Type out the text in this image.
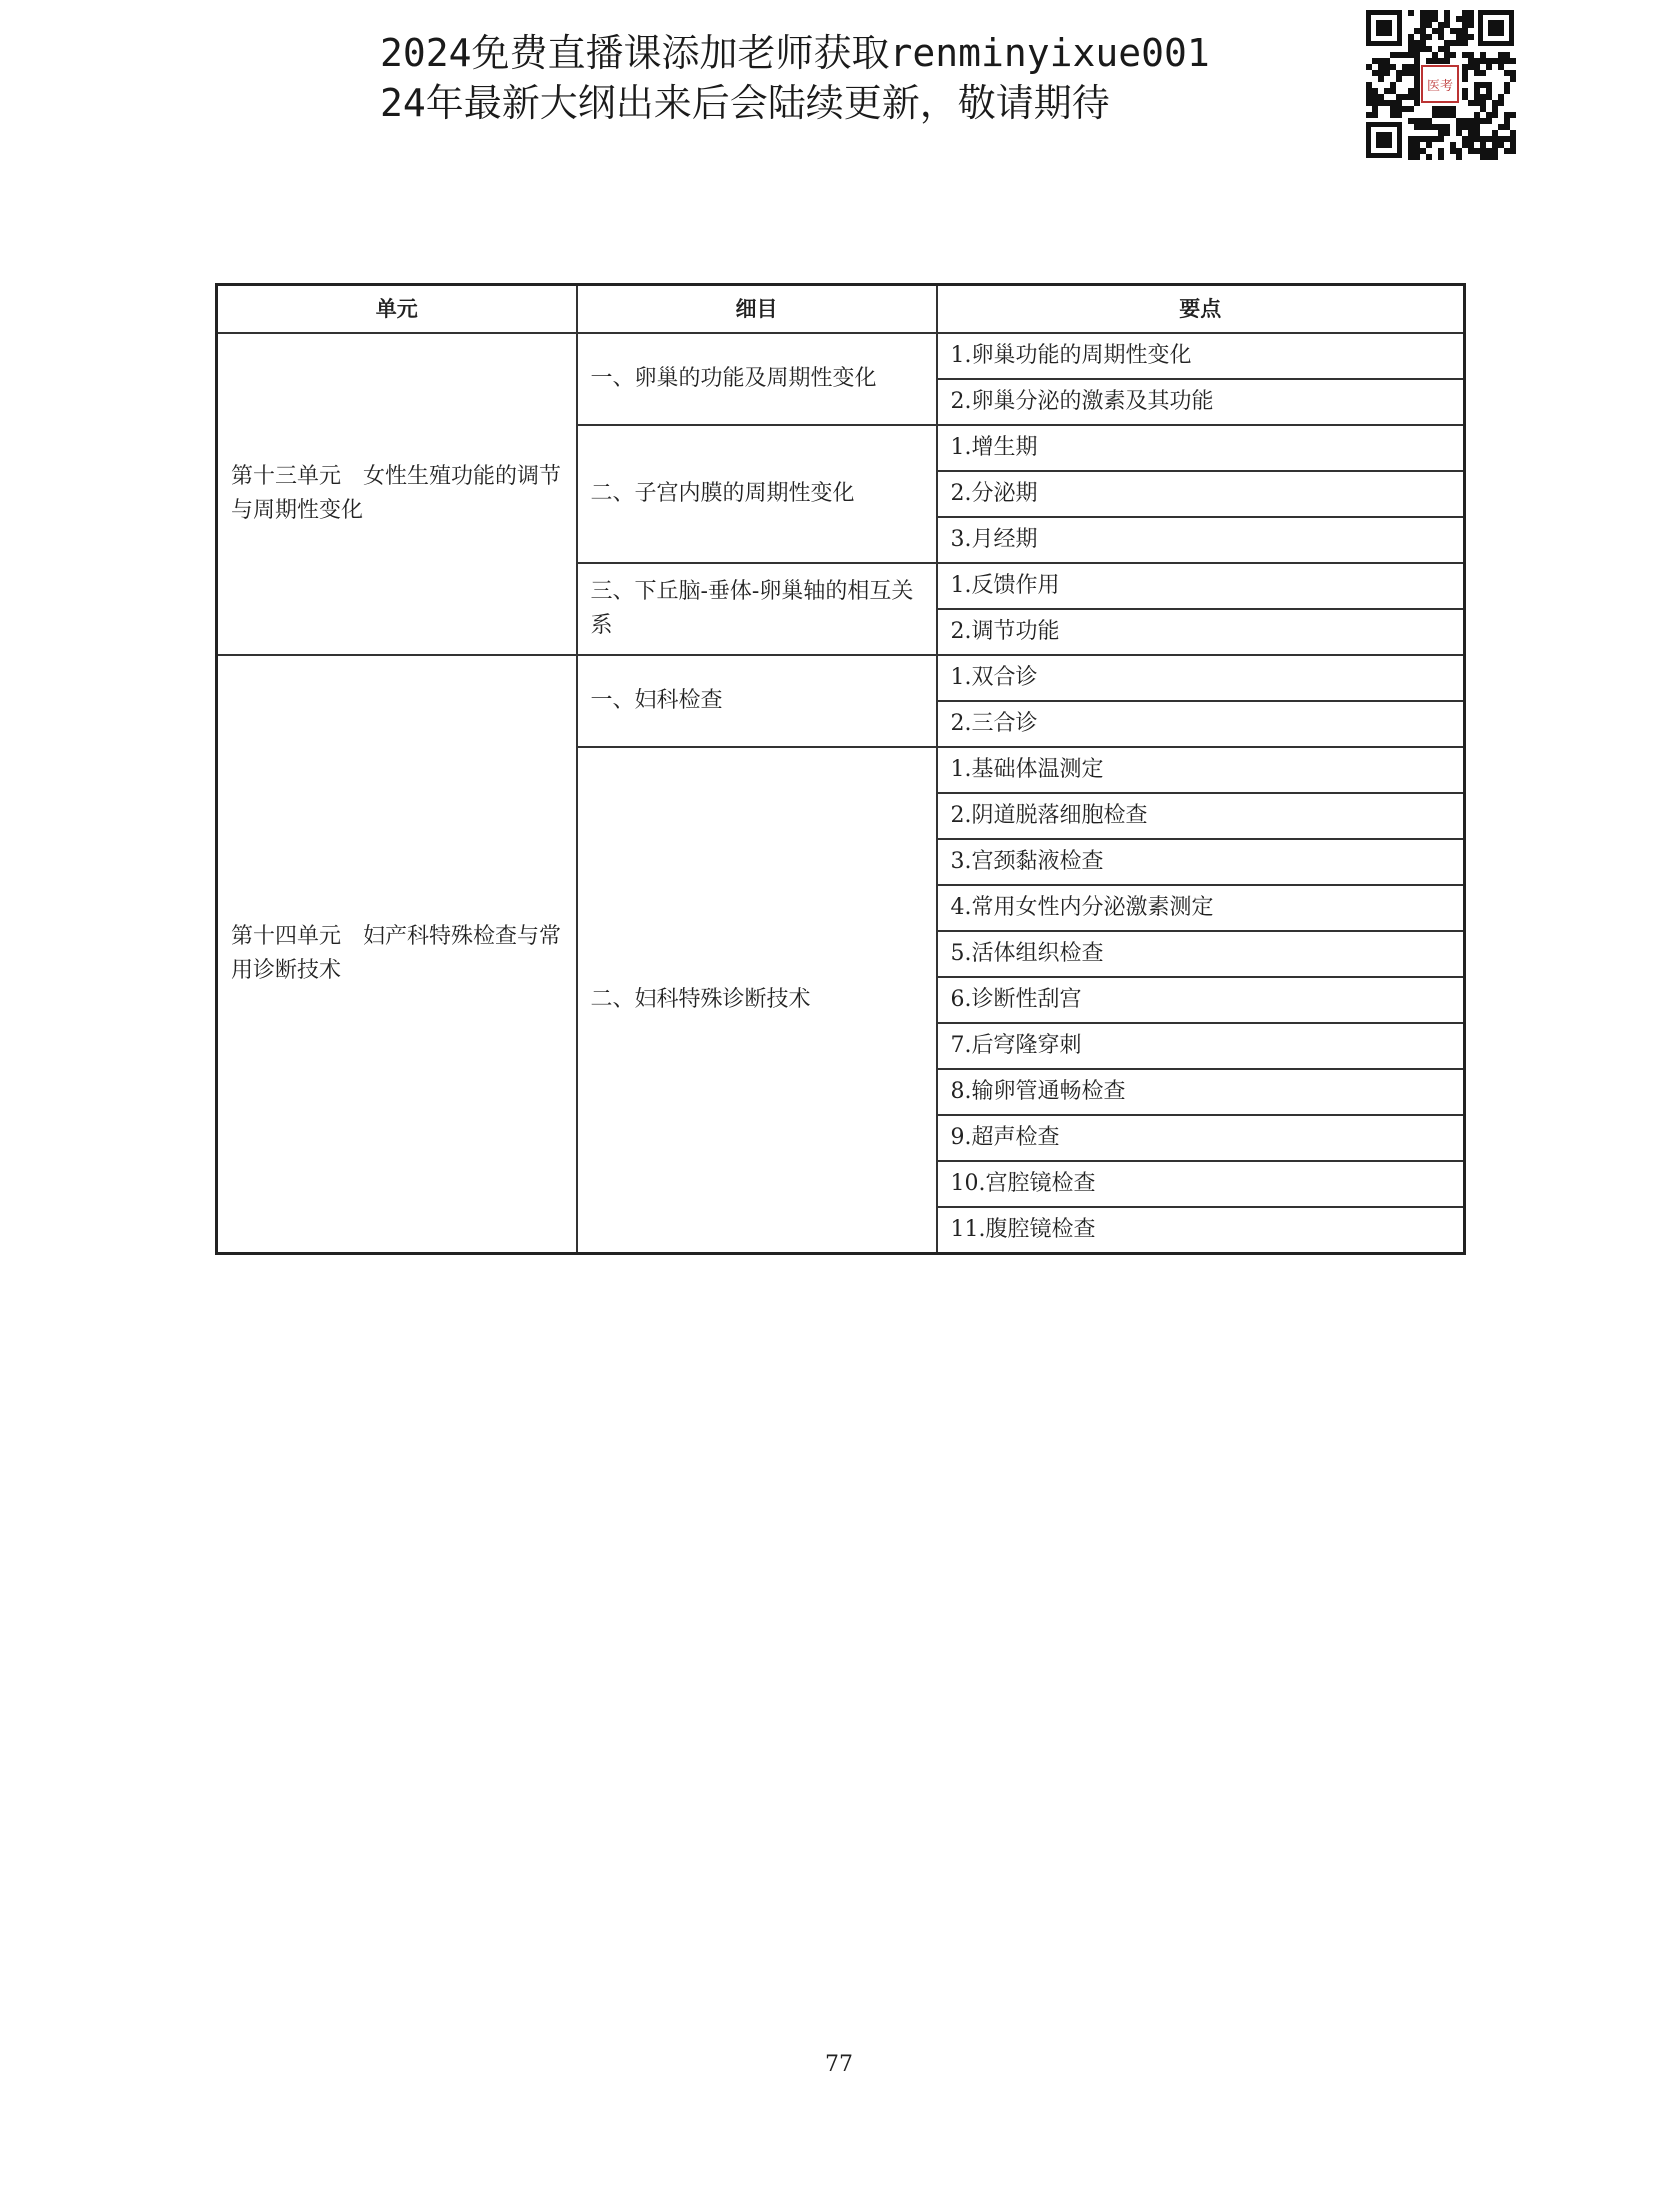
2024免费直播课添加老师获取renminyixue001
24年最新大纲出来后会陆续更新，敬请期待	医考
单元	细目	要点
第十三单元　女性生殖功能的调节与周期性变化	一、卵巢的功能及周期性变化	1.卵巢功能的周期性变化
		2.卵巢分泌的激素及其功能
	二、子宫内膜的周期性变化	1.增生期
		2.分泌期
		3.月经期
	三、下丘脑-垂体-卵巢轴的相互关系	1.反馈作用
		2.调节功能
第十四单元　妇产科特殊检查与常用诊断技术	一、妇科检查	1.双合诊
		2.三合诊
	二、妇科特殊诊断技术	1.基础体温测定
		2.阴道脱落细胞检查
		3.宫颈黏液检查
		4.常用女性内分泌激素测定
		5.活体组织检查
		6.诊断性刮宫
		7.后穹隆穿刺
		8.输卵管通畅检查
		9.超声检查
		10.宫腔镜检查
		11.腹腔镜检查
77
